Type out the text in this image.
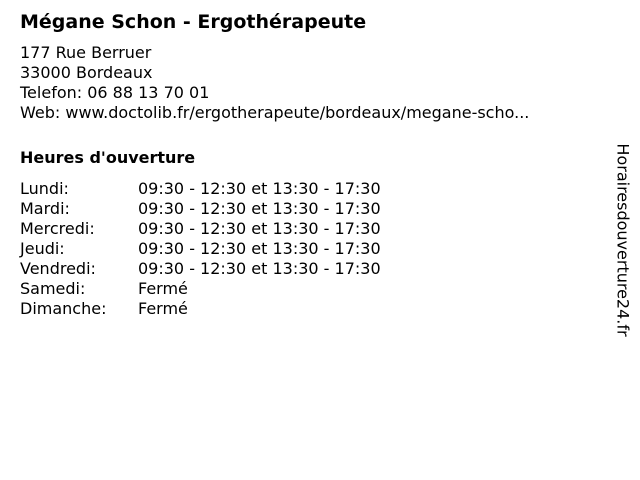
Mégane Schon - Ergothérapeute
177 Rue Berruer
33000 Bordeaux
Telefon: 06 88 13 70 01
Web: www.doctolib.fr/ergotherapeute/bordeaux/megane-scho...
Heures d'ouverture
Lundi:	09:30 - 12:30 et 13:30 - 17:30
Mardi:	09:30 - 12:30 et 13:30 - 17:30
Mercredi:	09:30 - 12:30 et 13:30 - 17:30
Jeudi:	09:30 - 12:30 et 13:30 - 17:30
Vendredi:	09:30 - 12:30 et 13:30 - 17:30
Samedi:	Fermé
Dimanche:	Fermé	Horairesdouverture24.fr
